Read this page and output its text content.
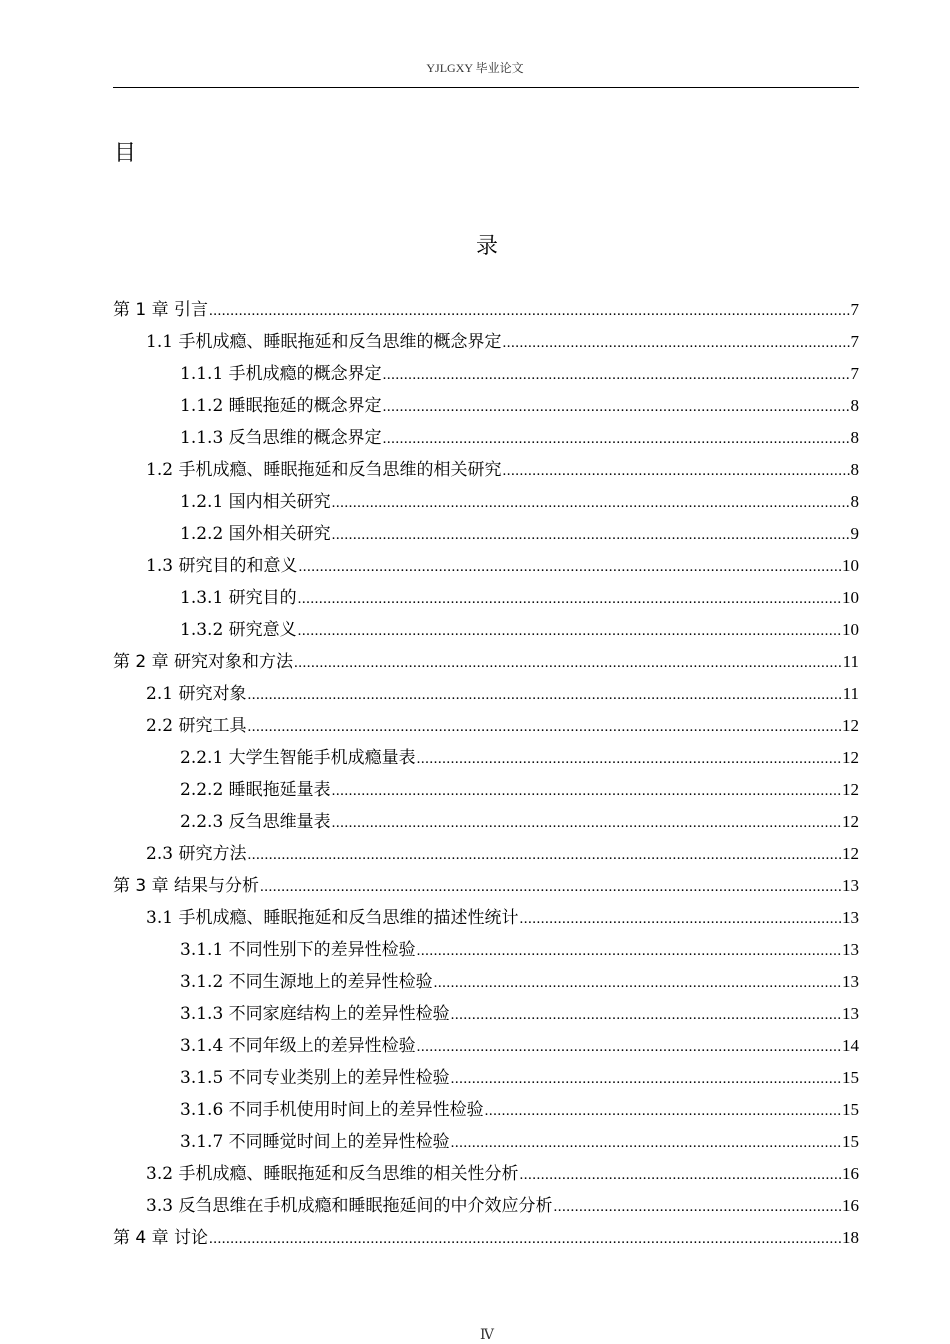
YJLGXY 毕业论文
目
录
第 1 章 引言 .....	7
1.1 手机成瘾、睡眠拖延和反刍思维的概念界定 .....	7
1.1.1 手机成瘾的概念界定 .....	7
1.1.2 睡眠拖延的概念界定 .....	8
1.1.3 反刍思维的概念界定 .....	8
1.2 手机成瘾、睡眠拖延和反刍思维的相关研究 .....	8
1.2.1 国内相关研究 .....	8
1.2.2 国外相关研究 .....	9
1.3 研究目的和意义 .....	10
1.3.1 研究目的 .....	10
1.3.2 研究意义 .....	10
第 2 章 研究对象和方法 .....	11
2.1 研究对象 .....	11
2.2 研究工具 .....	12
2.2.1 大学生智能手机成瘾量表 .....	12
2.2.2 睡眠拖延量表 .....	12
2.2.3 反刍思维量表 .....	12
2.3 研究方法 .....	12
第 3 章 结果与分析 .....	13
3.1 手机成瘾、睡眠拖延和反刍思维的描述性统计 .....	13
3.1.1 不同性别下的差异性检验 .....	13
3.1.2 不同生源地上的差异性检验 .....	13
3.1.3 不同家庭结构上的差异性检验 .....	13
3.1.4 不同年级上的差异性检验 .....	14
3.1.5 不同专业类别上的差异性检验 .....	15
3.1.6 不同手机使用时间上的差异性检验 .....	15
3.1.7 不同睡觉时间上的差异性检验 .....	15
3.2 手机成瘾、睡眠拖延和反刍思维的相关性分析 .....	16
3.3 反刍思维在手机成瘾和睡眠拖延间的中介效应分析 .....	16
第 4 章 讨论 .....	18
Ⅳ
